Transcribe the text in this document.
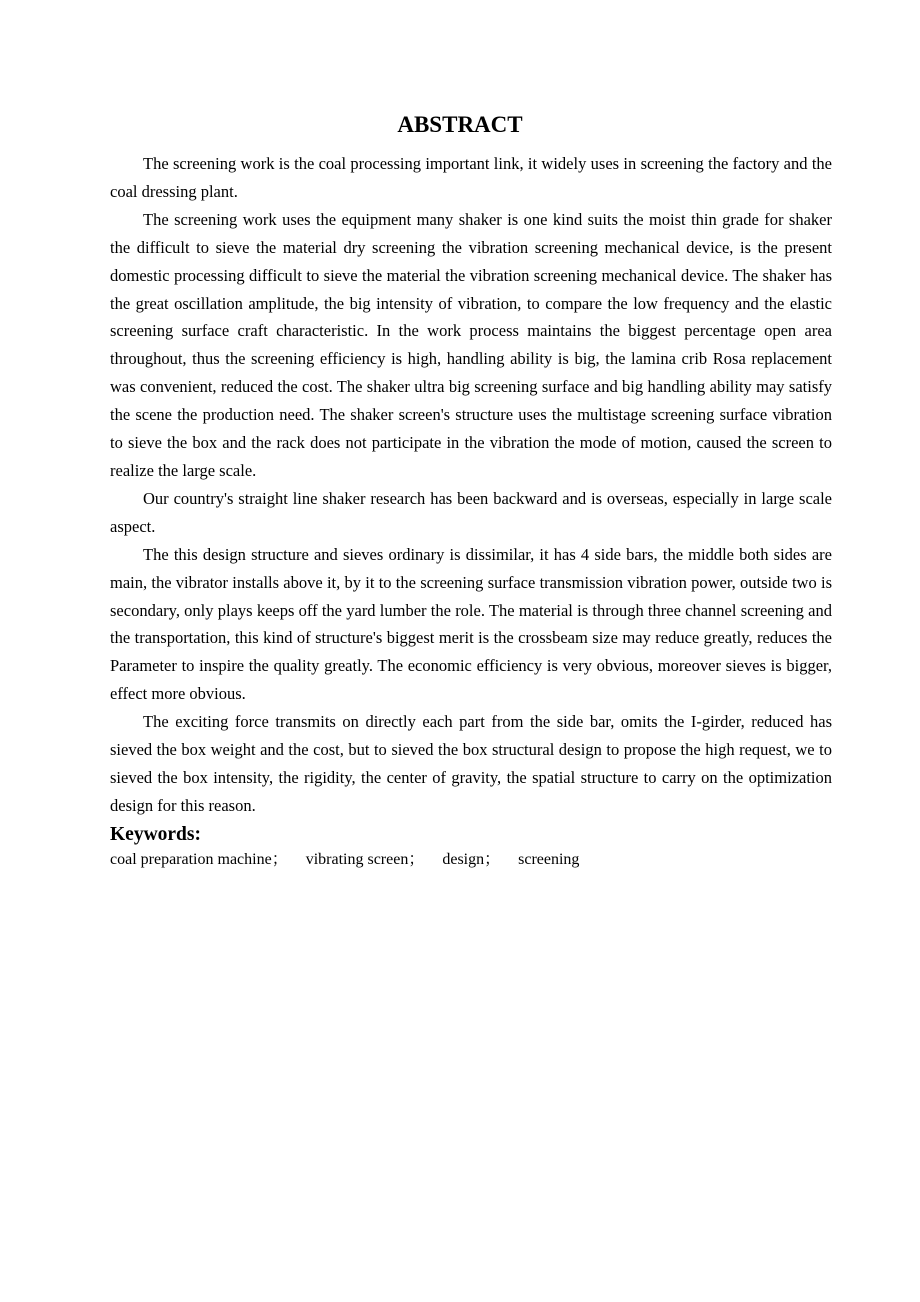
ABSTRACT

The screening work is the coal processing important link, it widely uses in screening the factory and the coal dressing plant.

The screening work uses the equipment many shaker is one kind suits the moist thin grade for shaker the difficult to sieve the material dry screening the vibration screening mechanical device, is the present domestic processing difficult to sieve the material the vibration screening mechanical device. The shaker has the great oscillation amplitude, the big intensity of vibration, to compare the low frequency and the elastic screening surface craft characteristic. In the work process maintains the biggest percentage open area throughout, thus the screening efficiency is high, handling ability is big, the lamina crib Rosa replacement was convenient, reduced the cost. The shaker ultra big screening surface and big handling ability may satisfy the scene the production need. The shaker screen's structure uses the multistage screening surface vibration to sieve the box and the rack does not participate in the vibration the mode of motion, caused the screen to realize the large scale.

Our country's straight line shaker research has been backward and is overseas, especially in large scale aspect.

The this design structure and sieves ordinary is dissimilar, it has 4 side bars, the middle both sides are main, the vibrator installs above it, by it to the screening surface transmission vibration power, outside two is secondary, only plays keeps off the yard lumber the role. The material is through three channel screening and the transportation, this kind of structure's biggest merit is the crossbeam size may reduce greatly, reduces the Parameter to inspire the quality greatly. The economic efficiency is very obvious, moreover sieves is bigger, effect more obvious.

The exciting force transmits on directly each part from the side bar, omits the I-girder, reduced has sieved the box weight and the cost, but to sieved the box structural design to propose the high request, we to sieved the box intensity, the rigidity, the center of gravity, the spatial structure to carry on the optimization design for this reason.

Keywords:
coal preparation machine； vibrating screen； design； screening
